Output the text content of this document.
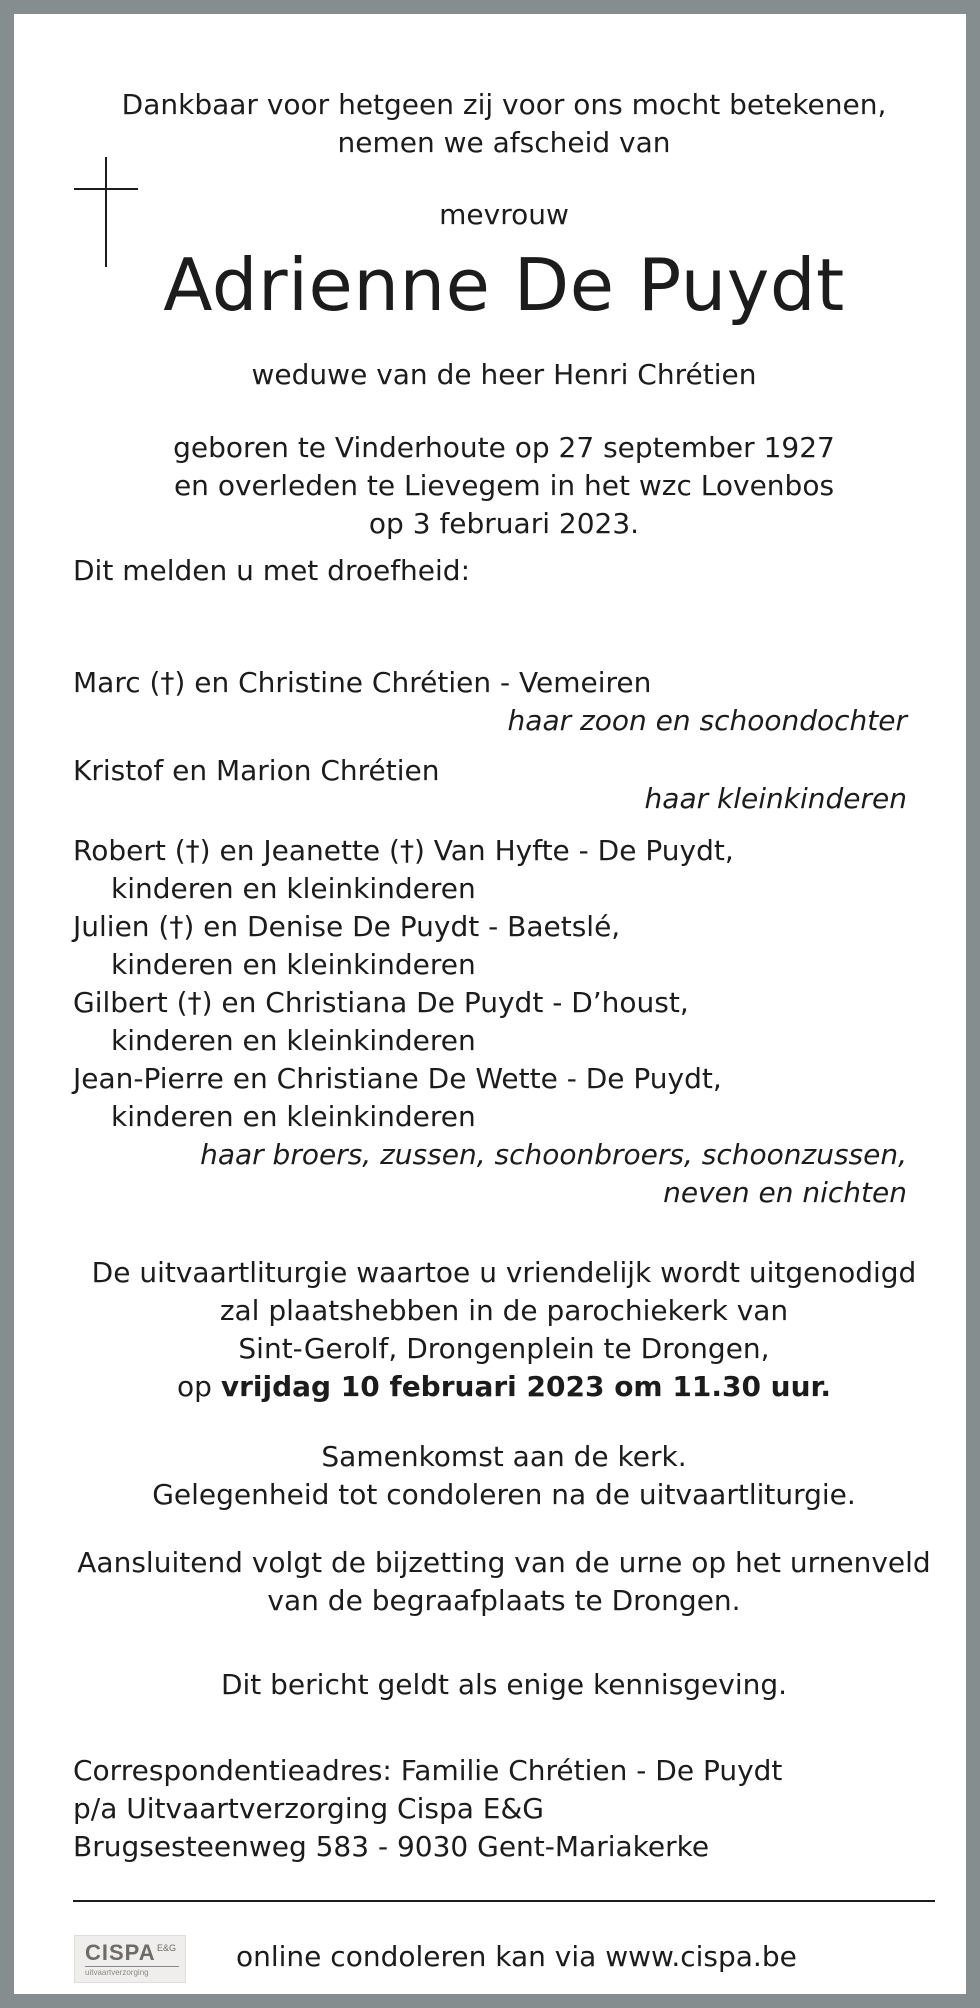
Dankbaar voor hetgeen zij voor ons mocht betekenen,
nemen we afscheid van
mevrouw
Adrienne De Puydt
weduwe van de heer Henri Chrétien
geboren te Vinderhoute op 27 september 1927
en overleden te Lievegem in het wzc Lovenbos
op 3 februari 2023.
Dit melden u met droefheid:
Marc (†) en Christine Chrétien - Vemeiren
haar zoon en schoondochter
Kristof en Marion Chrétien
haar kleinkinderen
Robert (†) en Jeanette (†) Van Hyfte - De Puydt,
kinderen en kleinkinderen
Julien (†) en Denise De Puydt - Baetslé,
kinderen en kleinkinderen
Gilbert (†) en Christiana De Puydt - D’houst,
kinderen en kleinkinderen
Jean-Pierre en Christiane De Wette - De Puydt,
kinderen en kleinkinderen
haar broers, zussen, schoonbroers, schoonzussen,
neven en nichten
De uitvaartliturgie waartoe u vriendelijk wordt uitgenodigd
zal plaatshebben in de parochiekerk van
Sint-Gerolf, Drongenplein te Drongen,
op vrijdag 10 februari 2023 om 11.30 uur.
Samenkomst aan de kerk.
Gelegenheid tot condoleren na de uitvaartliturgie.
Aansluitend volgt de bijzetting van de urne op het urnenveld
van de begraafplaats te Drongen.
Dit bericht geldt als enige kennisgeving.
Correspondentieadres: Familie Chrétien - De Puydt
p/a Uitvaartverzorging Cispa E&G
Brugsesteenweg 583 - 9030 Gent-Mariakerke
CISPA E&G
uitvaartverzorging	online condoleren kan via www.cispa.be
